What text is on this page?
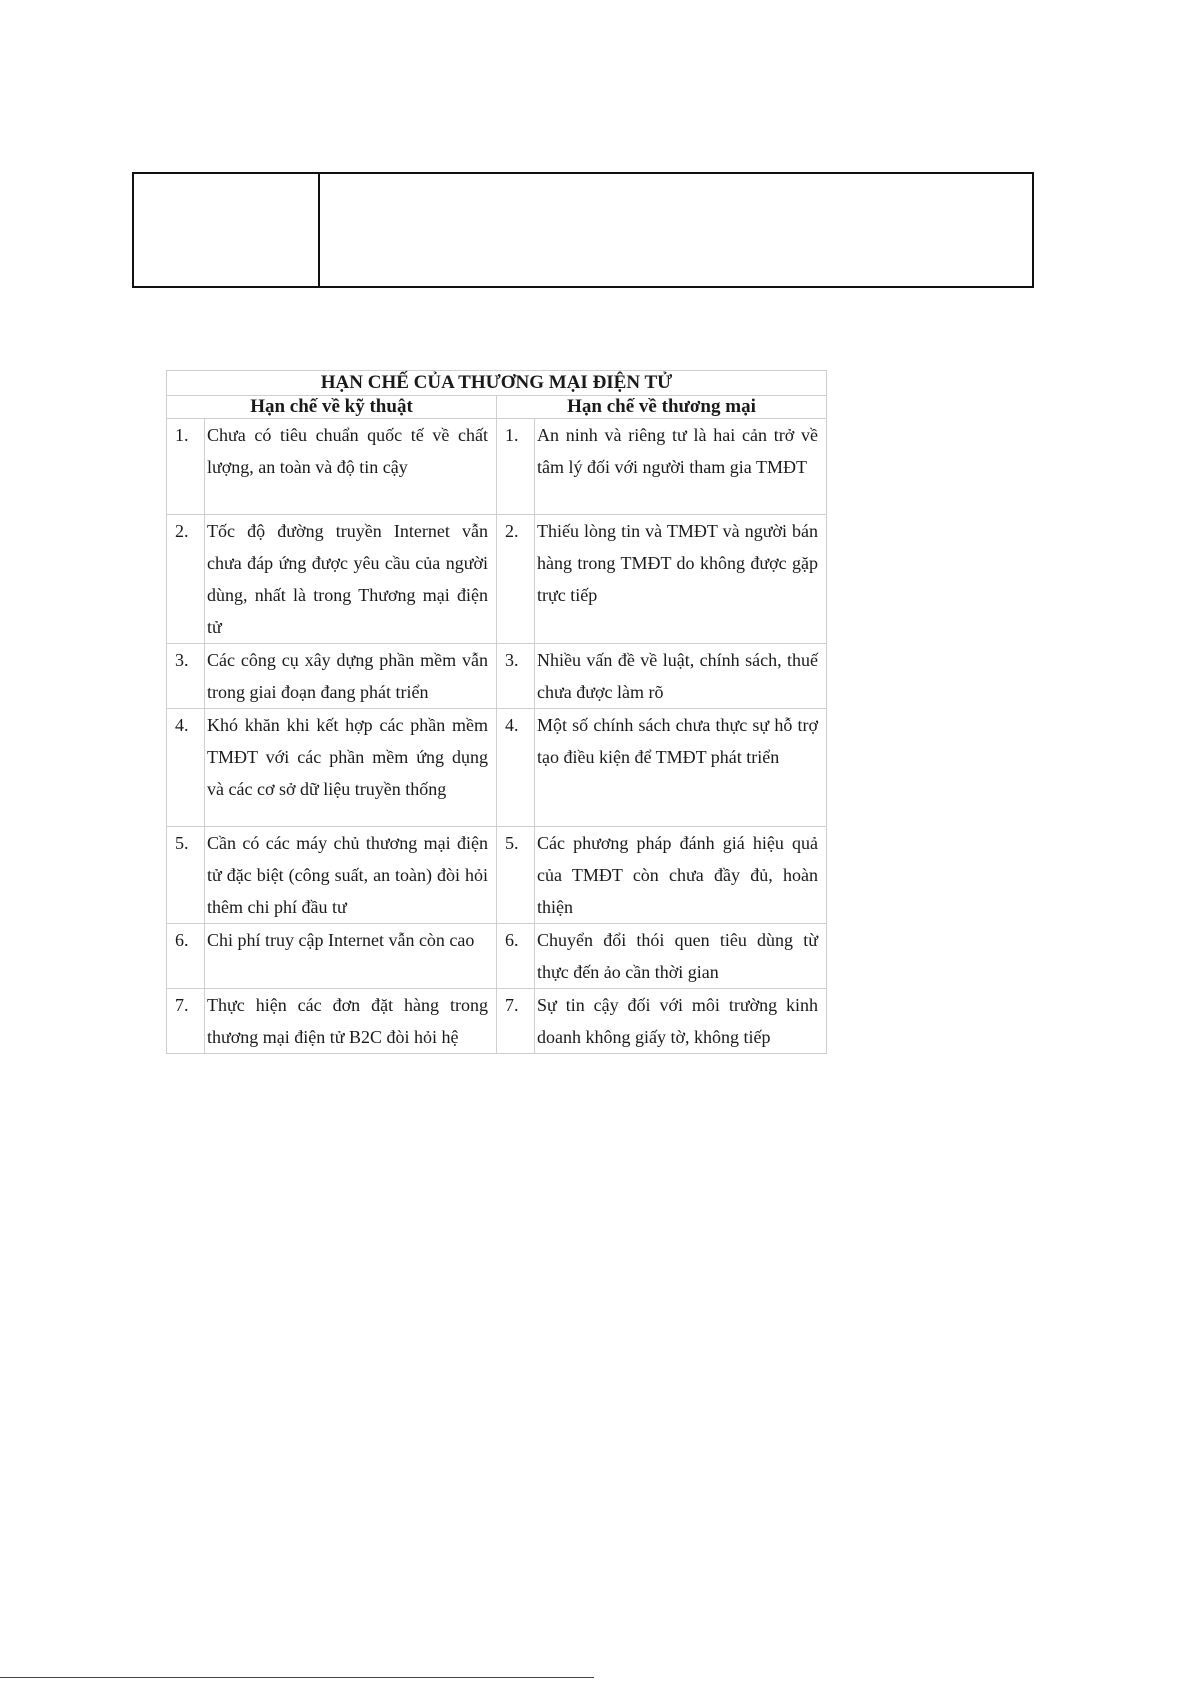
HẠN CHẾ CỦA THƯƠNG MẠI ĐIỆN TỬ			
Hạn chế về kỹ thuật		Hạn chế về thương mại	
1.	Chưa có tiêu chuẩn quốc tế về chất lượng, an toàn và độ tin cậy	1.	An ninh và riêng tư là hai cản trở về tâm lý đối với người tham gia TMĐT
2.	Tốc độ đường truyền Internet vẫn chưa đáp ứng được yêu cầu của người dùng, nhất là trong Thương mại điện tử	2.	Thiếu lòng tin và TMĐT và người bán hàng trong TMĐT do không được gặp trực tiếp
3.	Các công cụ xây dựng phần mềm vẫn trong giai đoạn đang phát triển	3.	Nhiều vấn đề về luật, chính sách, thuế chưa được làm rõ
4.	Khó khăn khi kết hợp các phần mềm TMĐT với các phần mềm ứng dụng và các cơ sở dữ liệu truyền thống	4.	Một số chính sách chưa thực sự hỗ trợ tạo điều kiện để TMĐT phát triển
5.	Cần có các máy chủ thương mại điện tử đặc biệt (công suất, an toàn) đòi hỏi thêm chi phí đầu tư	5.	Các phương pháp đánh giá hiệu quả của TMĐT còn chưa đầy đủ, hoàn thiện
6.	Chi phí truy cập Internet vẫn còn cao	6.	Chuyển đổi thói quen tiêu dùng từ thực đến ảo cần thời gian
7.	Thực hiện các đơn đặt hàng trong thương mại điện tử B2C đòi hỏi hệ	7.	Sự tin cậy đối với môi trường kinh doanh không giấy tờ, không tiếp
